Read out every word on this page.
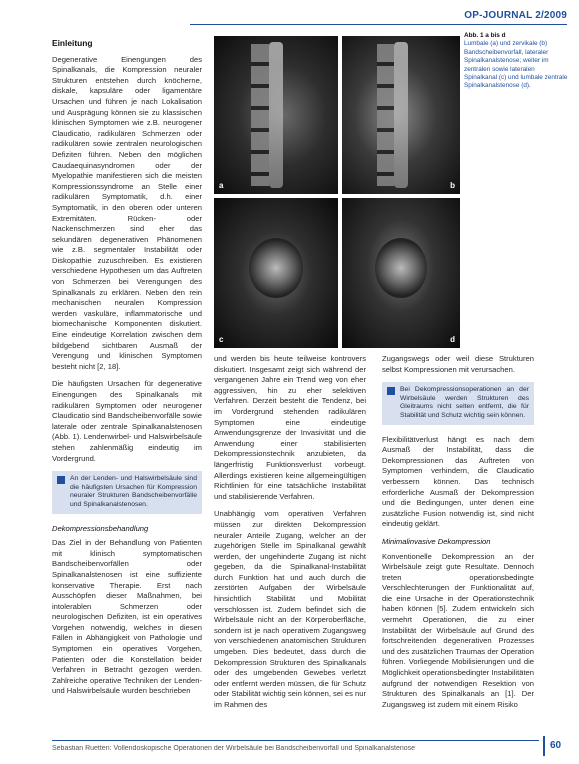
OP-JOURNAL 2/2009
Einleitung

Degenerative Einengungen des Spinalkanals, die Kompression neuraler Strukturen entstehen durch knöcherne, diskale, kapsuläre oder ligamentäre Ursachen und führen je nach Lokalisation und Ausprägung können sie zu klassischen klinischen Symptomen wie z.B. neurogener Claudicatio, radikulären Schmerzen oder radikulären sowie zentralen neurologischen Defiziten führen. Neben den möglichen Caudaequinasyndromen oder der Myelopathie manifestieren sich die meisten Kompressionssyndrome an Stelle einer radikulären Symptomatik, d.h. einer Symptomatik, in den oberen oder unteren Extremitäten. Rücken- oder Nackenschmerzen sind eher das sekundären degenerativen Phänomenen wie z.B. segmentaler Instabilität oder Diskopathie zuzuschreiben. Es existieren verschiedene Hypothesen um das Auftreten von Schmerzen bei Verengungen des Spinalkanals zu erklären. Neben den rein mechanischen neuralen Kompression werden vaskuläre, inflammatorische und biomechanische Komponenten diskutiert. Eine eindeutige Korrelation zwischen dem bildgebend sichtbaren Ausmaß der Verengung und klinischen Symptomen besteht nicht [2, 18].

Die häufigsten Ursachen für degenerative Einengungen des Spinalkanals mit radikulären Symptomen oder neurogener Claudicatio sind Bandscheibenvorfälle sowie laterale oder zentrale Spinalkanalstenosen (Abb. 1). Lendenwirbel- und Halswirbelsäule stehen zahlenmäßig eindeutig im Vordergrund.

An der Lenden- und Halswirbelsäule sind die häufigsten Ursachen für Kompression neuraler Strukturen Bandscheibenvorfälle und Spinalkanalstenosen.
Dekompressionsbehandlung

Das Ziel in der Behandlung von Patienten mit klinisch symptomatischen Bandscheibenvorfällen oder Spinalkanalstenosen ist eine suffiziente konservative Therapie. Erst nach Ausschöpfen dieser Maßnahmen, bei intolerablen Schmerzen oder neurologischen Defiziten, ist ein operatives Vorgehen notwendig, welches in diesen Fällen in Abhängigkeit von Pathologie und Symptomen ein operatives Vorgehen, Patienten oder die Konstellation beider Verfahren in Betracht gezogen werden. Zahlreiche operative Techniken der Lenden- und Halswirbelsäule wurden beschrieben

a	b
c	d
Abb. 1 a bis d
Lumbale (a) und zervikale (b) Bandscheibenvorfall, lateraler Spinalkanalstenose; weiter im zentralen sowie lateralen Spinalkanal (c) und lumbale zentrale Spinalkanalstenose (d).

und werden bis heute teilweise kontrovers diskutiert. Insgesamt zeigt sich während der vergangenen Jahre ein Trend weg von eher aggressiven, hin zu eher selektiven Verfahren. Derzeit besteht die Tendenz, bei im Vordergrund stehenden radikulären Symptomen eine eindeutige Anwendungsgrenze der Invasivität und die Anwendung einer stabilisierten Dekompressionstechnik anzubieten, da längerfristig Funktionsverlust vorbeugt. Allerdings existieren keine allgemeingültigen Richtlinien für eine tatsächliche Instabilität und stabilisierende Verfahren.

Unabhängig vom operativen Verfahren müssen zur direkten Dekompression neuraler Anteile Zugang, welcher an der zugehörigen Stelle im Spinalkanal gewählt werden, der ungehinderte Zugang ist nicht gegeben, da die Spinalkanal-Instabilität durch Funktion hat und auch durch die zerstörten Aufgaben der Wirbelsäule hinsichtlich Stabilität und Mobilität verschlossen ist. Zudem befindet sich die Wirbelsäule nicht an der Körperoberfläche, sondern ist je nach operativem Zugangsweg von verschiedenen anatomischen Strukturen umgeben. Dies bedeutet, dass durch die Dekompression Strukturen des Spinalkanals oder des umgebenden Gewebes verletzt oder entfernt werden müssen, die für Schutz oder Stabilität wichtig sein können, sei es nur im Rahmen des

Zugangswegs oder weil diese Strukturen selbst Kompressionen mit verursachen.

Bei Dekompressionsoperationen an der Wirbelsäule werden Strukturen des Gleitraums nicht selten entfernt, die für Stabilität und Schutz wichtig sein können.

Flexibilitätverlust hängt es nach dem Ausmaß der Instabilität, dass die Dekompressionen das Auftreten von Symptomen verhindern, die Claudicatio verbessern können. Das technisch erforderliche Ausmaß der Dekompression und die Bedingungen, unter denen eine zusätzliche Fusion notwendig ist, sind nicht eindeutig geklärt.

Minimalinvasive Dekompression

Konventionelle Dekompression an der Wirbelsäule zeigt gute Resultate. Dennoch treten operationsbedingte Verschlechterungen der Funktionalität auf, die eine Ursache in der Operationstechnik haben können [5]. Zudem entwickeln sich vermehrt Operationen, die zu einer Instabilität der Wirbelsäule auf Grund des fortschreitenden degenerativen Prozesses und des zusätzlichen Traumas der Operation führen. Vorliegende Mobilisierungen und die Möglichkeit operationsbedingter Instabilitäten aufgrund der notwendigen Resektion von Strukturen des Spinalkanals an [1]. Der Zugangsweg ist zudem mit einem Risiko

Sebastian Ruetten: Vollendoskopische Operationen der Wirbelsäule bei Bandscheibenvorfall und Spinalkanalstenose	60
